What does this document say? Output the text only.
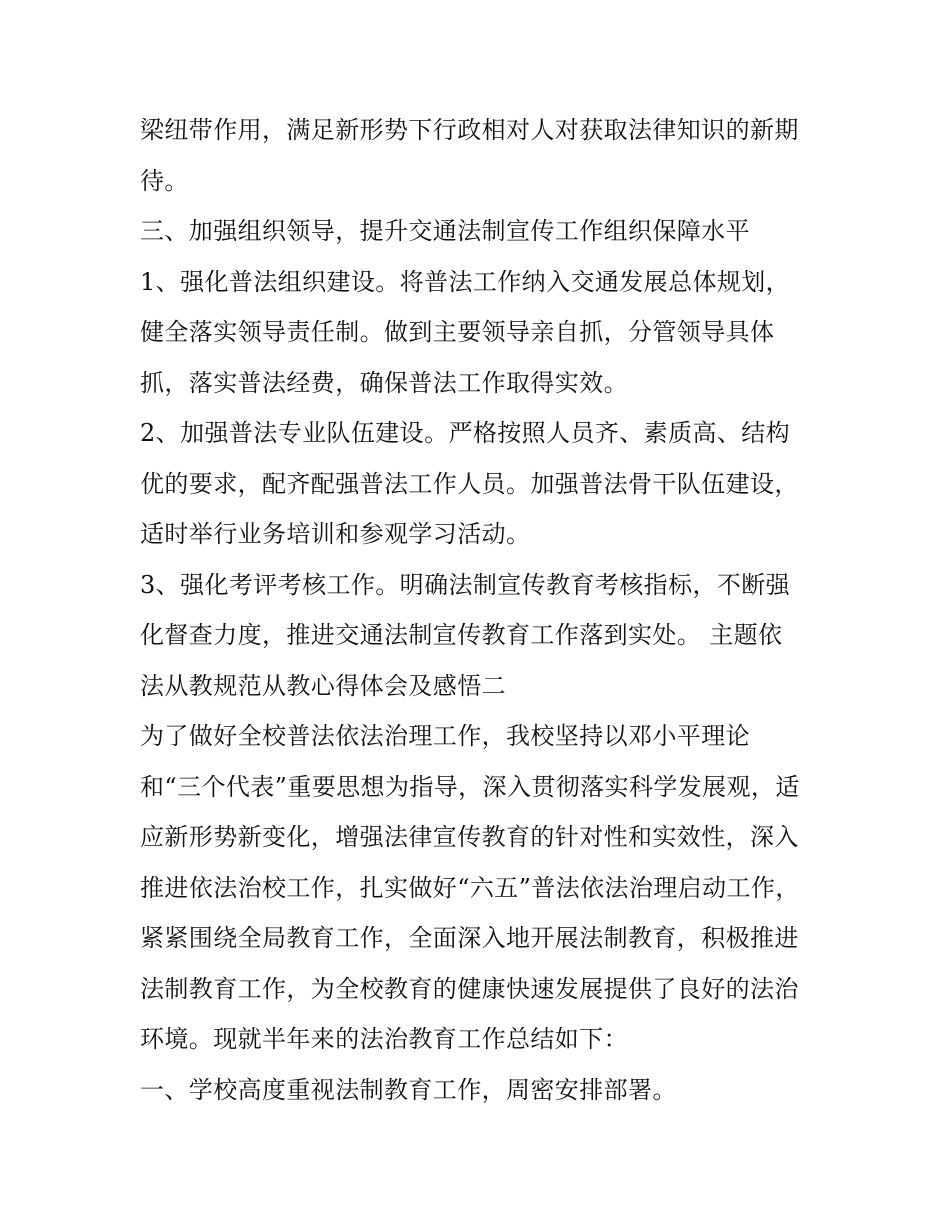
梁纽带作用，满足新形势下行政相对人对获取法律知识的新期

待。

三、加强组织领导，提升交通法制宣传工作组织保障水平

1、强化普法组织建设。将普法工作纳入交通发展总体规划，

健全落实领导责任制。做到主要领导亲自抓，分管领导具体

抓，落实普法经费，确保普法工作取得实效。

2、加强普法专业队伍建设。严格按照人员齐、素质高、结构

优的要求，配齐配强普法工作人员。加强普法骨干队伍建设，

适时举行业务培训和参观学习活动。

3、强化考评考核工作。明确法制宣传教育考核指标，不断强

化督查力度，推进交通法制宣传教育工作落到实处。 主题依

法从教规范从教心得体会及感悟二

为了做好全校普法依法治理工作，我校坚持以邓小平理论

和“三个代表”重要思想为指导，深入贯彻落实科学发展观，适

应新形势新变化，增强法律宣传教育的针对性和实效性，深入

推进依法治校工作，扎实做好“六五”普法依法治理启动工作，

紧紧围绕全局教育工作，全面深入地开展法制教育，积极推进

法制教育工作，为全校教育的健康快速发展提供了良好的法治

环境。现就半年来的法治教育工作总结如下：

一、学校高度重视法制教育工作，周密安排部署。
